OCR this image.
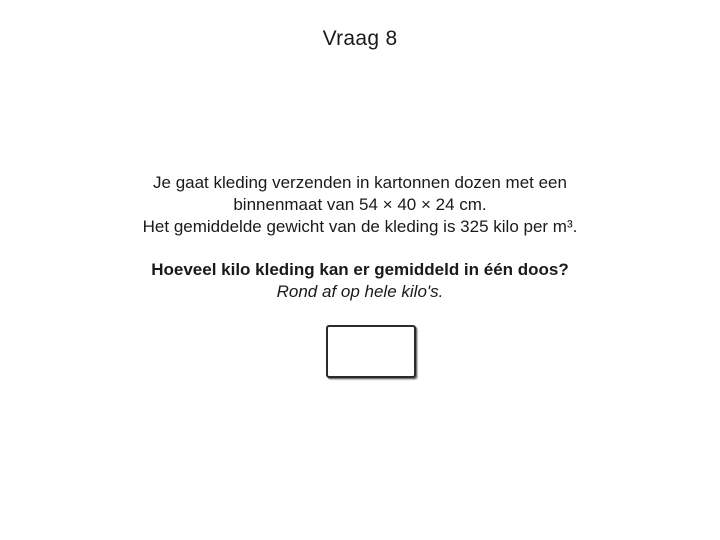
Vraag 8
Je gaat kleding verzenden in kartonnen dozen met een
binnenmaat van 54 × 40 × 24 cm.
Het gemiddelde gewicht van de kleding is 325 kilo per m³.
Hoeveel kilo kleding kan er gemiddeld in één doos?
Rond af op hele kilo's.
